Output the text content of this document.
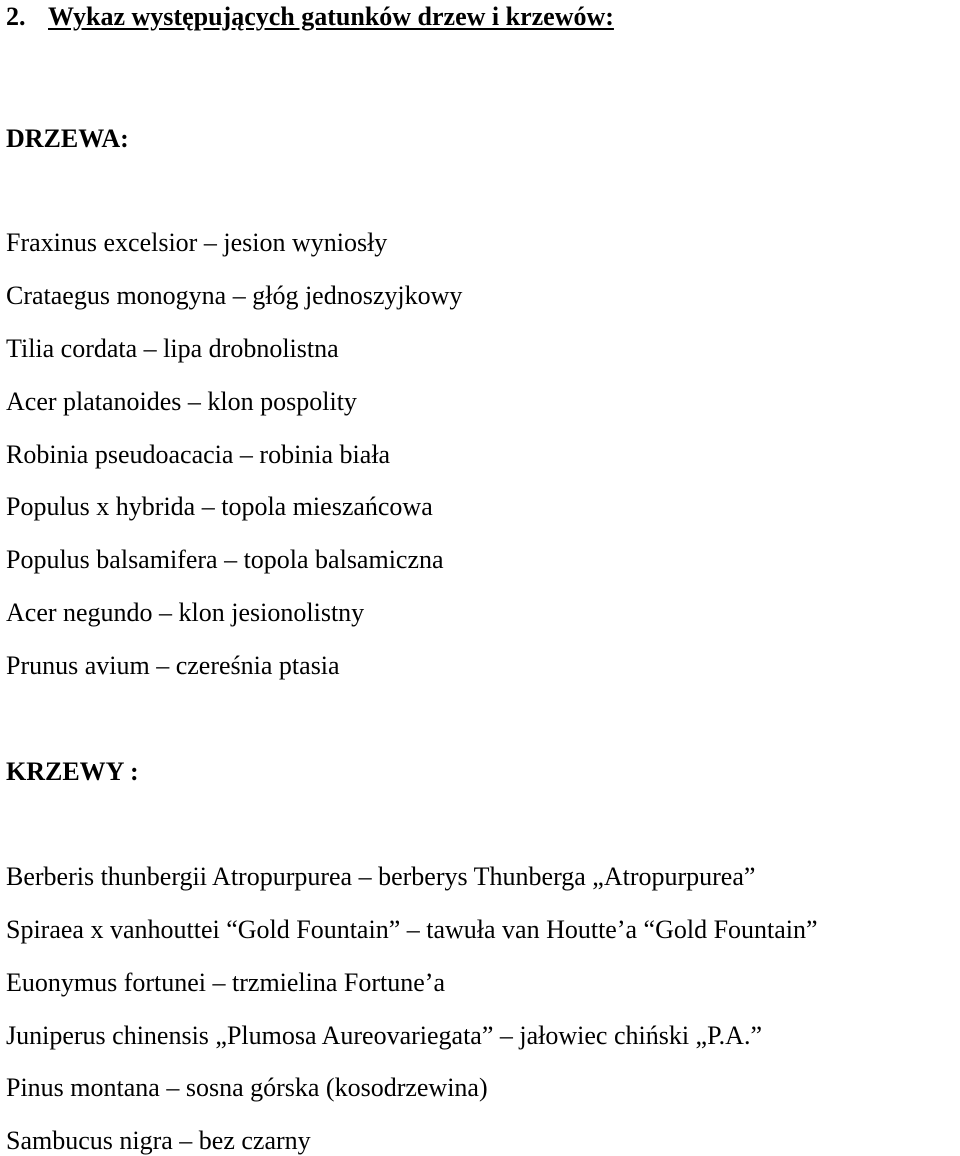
2. Wykaz występujących gatunków drzew i krzewów:

DRZEWA:

Fraxinus excelsior – jesion wyniosły

Crataegus monogyna – głóg jednoszyjkowy

Tilia cordata – lipa drobnolistna

Acer platanoides – klon pospolity

Robinia pseudoacacia – robinia biała

Populus x hybrida – topola mieszańcowa

Populus balsamifera – topola balsamiczna

Acer negundo – klon jesionolistny

Prunus avium – czereśnia ptasia

KRZEWY :

Berberis thunbergii Atropurpurea – berberys Thunberga „Atropurpurea”

Spiraea x vanhouttei “Gold Fountain” – tawuła van Houtte’a “Gold Fountain”

Euonymus fortunei – trzmielina Fortune’a

Juniperus chinensis „Plumosa Aureovariegata” – jałowiec chiński „P.A.”

Pinus montana – sosna górska (kosodrzewina)

Sambucus nigra – bez czarny
